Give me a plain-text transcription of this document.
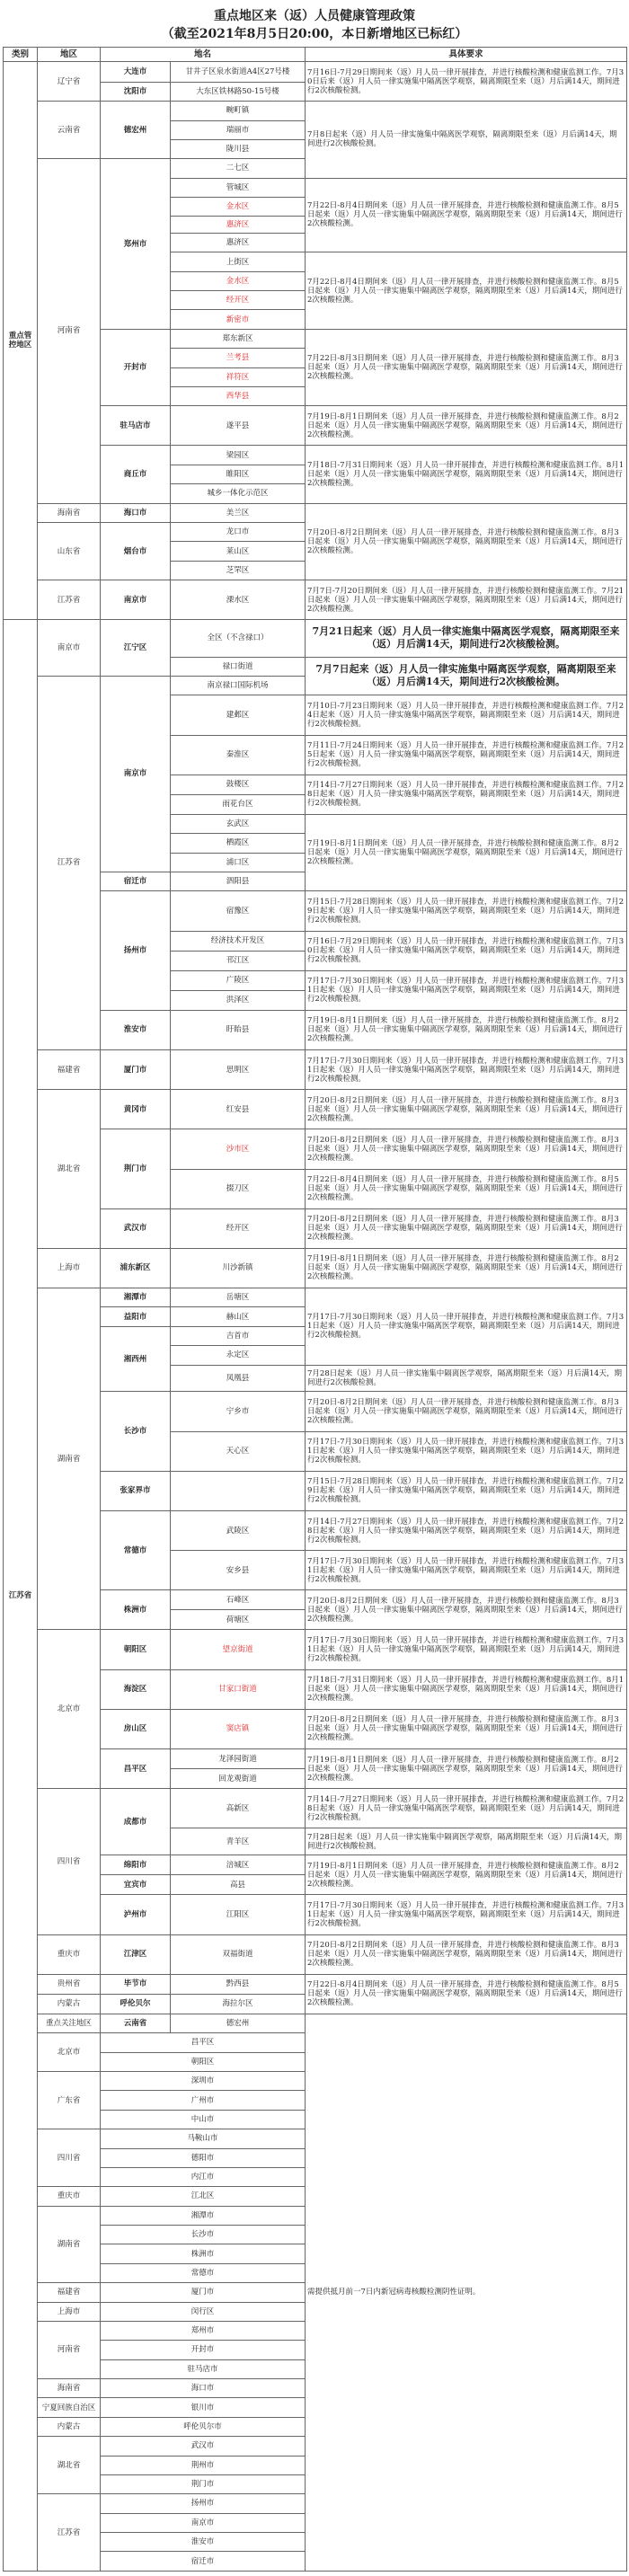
重点地区来（返）人员健康管理政策
（截至2021年8月5日20:00，本日新增地区已标红）
类别	地区	地名		具体要求	
重点管控地区	辽宁省	大连市	甘井子区泉水街道A4区27号楼	7月16日-7月29日期间来（返）月人员一律开展排查，并进行核酸检测和健康监测工作。7月30日后来（返）月人员一律实施集中隔离医学观察，隔离期限至来（返）月后满14天，期间进行2次核酸检测。	
		沈阳市	大东区铁林路50-15号楼		
	云南省	德宏州	畹町镇	7月8日起来（返）月人员一律实施集中隔离医学观察，隔离期限至来（返）月后满14天，期间进行2次核酸检测。	
			瑞丽市		
			陇川县		
	河南省	郑州市	二七区		
			管城区	7月22日-8月4日期间来（返）月人员一律开展排查，并进行核酸检测和健康监测工作。8月5日起来（返）月人员一律实施集中隔离医学观察，隔离期限至来（返）月后满14天，期间进行2次核酸检测。	
			金水区		
			惠济区		
			惠济区		
			上街区	7月22日-8月4日期间来（返）月人员一律开展排查，并进行核酸检测和健康监测工作。8月5日起来（返）月人员一律实施集中隔离医学观察，隔离期限至来（返）月后满14天，期间进行2次核酸检测。	
			金水区		
			经开区		
			新密市		
		开封市	郑东新区	7月22日-8月3日期间来（返）月人员一律开展排查，并进行核酸检测和健康监测工作。8月3日起来（返）月人员一律实施集中隔离医学观察，隔离期限至来（返）月后满14天，期间进行2次核酸检测。	
			兰考县		
			祥符区		
			西华县		
		驻马店市	遂平县	7月19日-8月1日期间来（返）月人员一律开展排查，并进行核酸检测和健康监测工作。8月2日起来（返）月人员一律实施集中隔离医学观察，隔离期限至来（返）月后满14天，期间进行2次核酸检测。	
		商丘市	梁园区	7月18日-7月31日期间来（返）月人员一律开展排查，并进行核酸检测和健康监测工作。8月1日起来（返）月人员一律实施集中隔离医学观察，隔离期限至来（返）月后满14天，期间进行2次核酸检测。	
			睢阳区		
			城乡一体化示范区		
	海南省	海口市	美兰区	7月20日-8月2日期间来（返）月人员一律开展排查，并进行核酸检测和健康监测工作。8月3日起来（返）月人员一律实施集中隔离医学观察，隔离期限至来（返）月后满14天，期间进行2次核酸检测。	
	山东省	烟台市	龙口市		
			莱山区		
			芝罘区		
	江苏省	南京市	溧水区	7月7日-7月20日期间来（返）月人员一律开展排查，并进行核酸检测和健康监测工作。7月21日起来（返）月人员一律实施集中隔离医学观察，隔离期限至来（返）月后满14天，期间进行2次核酸检测。	
江苏省	南京市	江宁区	全区（不含禄口）	7月21日起来（返）月人员一律实施集中隔离医学观察，隔离期限至来（返）月后满14天，期间进行2次核酸检测。	
			禄口街道	7月7日起来（返）月人员一律实施集中隔离医学观察，隔离期限至来（返）月后满14天，期间进行2次核酸检测。	
	江苏省	南京市	南京禄口国际机场		
			建邺区	7月10日-7月23日期间来（返）月人员一律开展排查，并进行核酸检测和健康监测工作。7月24日起来（返）月人员一律实施集中隔离医学观察，隔离期限至来（返）月后满14天，期间进行2次核酸检测。	
			秦淮区	7月11日-7月24日期间来（返）月人员一律开展排查，并进行核酸检测和健康监测工作。7月25日起来（返）月人员一律实施集中隔离医学观察，隔离期限至来（返）月后满14天，期间进行2次核酸检测。	
			鼓楼区	7月14日-7月27日期间来（返）月人员一律开展排查，并进行核酸检测和健康监测工作。7月28日起来（返）月人员一律实施集中隔离医学观察，隔离期限至来（返）月后满14天，期间进行2次核酸检测。	
			雨花台区		
			玄武区	7月19日-8月1日期间来（返）月人员一律开展排查，并进行核酸检测和健康监测工作。8月2日起来（返）月人员一律实施集中隔离医学观察，隔离期限至来（返）月后满14天，期间进行2次核酸检测。	
			栖霞区		
			浦口区		
		宿迁市	泗阳县		
		扬州市	宿豫区	7月15日-7月28日期间来（返）月人员一律开展排查，并进行核酸检测和健康监测工作。7月29日起来（返）月人员一律实施集中隔离医学观察，隔离期限至来（返）月后满14天，期间进行2次核酸检测。	
			经济技术开发区	7月16日-7月29日期间来（返）月人员一律开展排查，并进行核酸检测和健康监测工作。7月30日起来（返）月人员一律实施集中隔离医学观察，隔离期限至来（返）月后满14天，期间进行2次核酸检测。	
			邗江区		
			广陵区	7月17日-7月30日期间来（返）月人员一律开展排查，并进行核酸检测和健康监测工作。7月31日起来（返）月人员一律实施集中隔离医学观察，隔离期限至来（返）月后满14天，期间进行2次核酸检测。	
			洪泽区		
		淮安市	盱眙县	7月19日-8月1日期间来（返）月人员一律开展排查，并进行核酸检测和健康监测工作。8月2日起来（返）月人员一律实施集中隔离医学观察，隔离期限至来（返）月后满14天，期间进行2次核酸检测。	
	福建省	厦门市	思明区	7月17日-7月30日期间来（返）月人员一律开展排查，并进行核酸检测和健康监测工作。7月31日起来（返）月人员一律实施集中隔离医学观察，隔离期限至来（返）月后满14天，期间进行2次核酸检测。	
	湖北省	黄冈市	红安县	7月20日-8月2日期间来（返）月人员一律开展排查，并进行核酸检测和健康监测工作。8月3日起来（返）月人员一律实施集中隔离医学观察，隔离期限至来（返）月后满14天，期间进行2次核酸检测。	
		荆门市	沙市区	7月20日-8月2日期间来（返）月人员一律开展排查，并进行核酸检测和健康监测工作。8月3日起来（返）月人员一律实施集中隔离医学观察，隔离期限至来（返）月后满14天，期间进行2次核酸检测。	
			掇刀区	7月22日-8月4日期间来（返）月人员一律开展排查，并进行核酸检测和健康监测工作。8月5日起来（返）月人员一律实施集中隔离医学观察，隔离期限至来（返）月后满14天，期间进行2次核酸检测。	
		武汉市	经开区	7月20日-8月2日期间来（返）月人员一律开展排查，并进行核酸检测和健康监测工作。8月3日起来（返）月人员一律实施集中隔离医学观察，隔离期限至来（返）月后满14天，期间进行2次核酸检测。	
	上海市	浦东新区	川沙新镇	7月19日-8月1日期间来（返）月人员一律开展排查，并进行核酸检测和健康监测工作。8月2日起来（返）月人员一律实施集中隔离医学观察，隔离期限至来（返）月后满14天，期间进行2次核酸检测。	
	湖南省	湘潭市	岳塘区	7月17日-7月30日期间来（返）月人员一律开展排查，并进行核酸检测和健康监测工作。7月31日起来（返）月人员一律实施集中隔离医学观察，隔离期限至来（返）月后满14天，期间进行2次核酸检测。	
		益阳市	赫山区		
		湘西州	吉首市		
			永定区		
			凤凰县	7月28日起来（返）月人员一律实施集中隔离医学观察，隔离期限至来（返）月后满14天，期间进行2次核酸检测。	
		长沙市	宁乡市	7月20日-8月2日期间来（返）月人员一律开展排查，并进行核酸检测和健康监测工作。8月3日起来（返）月人员一律实施集中隔离医学观察，隔离期限至来（返）月后满14天，期间进行2次核酸检测。	
			天心区	7月17日-7月30日期间来（返）月人员一律开展排查，并进行核酸检测和健康监测工作。7月31日起来（返）月人员一律实施集中隔离医学观察，隔离期限至来（返）月后满14天，期间进行2次核酸检测。	
		张家界市		7月15日-7月28日期间来（返）月人员一律开展排查，并进行核酸检测和健康监测工作。7月29日起来（返）月人员一律实施集中隔离医学观察，隔离期限至来（返）月后满14天，期间进行2次核酸检测。	
		常德市	武陵区	7月14日-7月27日期间来（返）月人员一律开展排查，并进行核酸检测和健康监测工作。7月28日起来（返）月人员一律实施集中隔离医学观察，隔离期限至来（返）月后满14天，期间进行2次核酸检测。	
			安乡县	7月17日-7月30日期间来（返）月人员一律开展排查，并进行核酸检测和健康监测工作。7月31日起来（返）月人员一律实施集中隔离医学观察，隔离期限至来（返）月后满14天，期间进行2次核酸检测。	
		株洲市	石峰区	7月20日-8月2日期间来（返）月人员一律开展排查，并进行核酸检测和健康监测工作。8月3日起来（返）月人员一律实施集中隔离医学观察，隔离期限至来（返）月后满14天，期间进行2次核酸检测。	
			荷塘区		
	北京市	朝阳区	望京街道	7月17日-7月30日期间来（返）月人员一律开展排查，并进行核酸检测和健康监测工作。7月31日起来（返）月人员一律实施集中隔离医学观察，隔离期限至来（返）月后满14天，期间进行2次核酸检测。	
		海淀区	甘家口街道	7月18日-7月31日期间来（返）月人员一律开展排查，并进行核酸检测和健康监测工作。8月1日起来（返）月人员一律实施集中隔离医学观察，隔离期限至来（返）月后满14天，期间进行2次核酸检测。	
		房山区	窦店镇	7月20日-8月2日期间来（返）月人员一律开展排查，并进行核酸检测和健康监测工作。8月3日起来（返）月人员一律实施集中隔离医学观察，隔离期限至来（返）月后满14天，期间进行2次核酸检测。	
		昌平区	龙泽园街道	7月19日-8月1日期间来（返）月人员一律开展排查，并进行核酸检测和健康监测工作。8月2日起来（返）月人员一律实施集中隔离医学观察，隔离期限至来（返）月后满14天，期间进行2次核酸检测。	
			回龙观街道		
	四川省	成都市	高新区	7月14日-7月27日期间来（返）月人员一律开展排查，并进行核酸检测和健康监测工作。7月28日起来（返）月人员一律实施集中隔离医学观察，隔离期限至来（返）月后满14天，期间进行2次核酸检测。	
			青羊区	7月28日起来（返）月人员一律实施集中隔离医学观察，隔离期限至来（返）月后满14天，期间进行2次核酸检测。	
		绵阳市	涪城区	7月19日-8月1日期间来（返）月人员一律开展排查，并进行核酸检测和健康监测工作。8月2日起来（返）月人员一律实施集中隔离医学观察，隔离期限至来（返）月后满14天，期间进行2次核酸检测。	
		宜宾市	高县		
		泸州市	江阳区	7月17日-7月30日期间来（返）月人员一律开展排查，并进行核酸检测和健康监测工作。7月31日起来（返）月人员一律实施集中隔离医学观察，隔离期限至来（返）月后满14天，期间进行2次核酸检测。	
	重庆市	江津区	双福街道	7月20日-8月2日期间来（返）月人员一律开展排查，并进行核酸检测和健康监测工作。8月3日起来（返）月人员一律实施集中隔离医学观察，隔离期限至来（返）月后满14天，期间进行2次核酸检测。	
	贵州省	毕节市	黔西县	7月22日-8月4日期间来（返）月人员一律开展排查，并进行核酸检测和健康监测工作。8月5日起来（返）月人员一律实施集中隔离医学观察，隔离期限至来（返）月后满14天，期间进行2次核酸检测。	
	内蒙古	呼伦贝尔	海拉尔区		
	重点关注地区	云南省	德宏州	需提供抵月前一7日内新冠病毒核酸检测阴性证明。	
	北京市	昌平区			
		朝阳区			
	广东省	深圳市			
		广州市			
		中山市			
	四川省	马鞍山市			
		德阳市			
		内江市			
	重庆市	江北区			
	湖南省	湘潭市			
		长沙市			
		株洲市			
		常德市			
	福建省	厦门市			
	上海市	闵行区			
	河南省	郑州市			
		开封市			
		驻马店市			
	海南省	海口市			
	宁夏回族自治区	银川市			
	内蒙古	呼伦贝尔市			
	湖北省	武汉市			
		荆州市			
		荆门市			
	江苏省	扬州市			
		南京市			
		淮安市			
		宿迁市			
